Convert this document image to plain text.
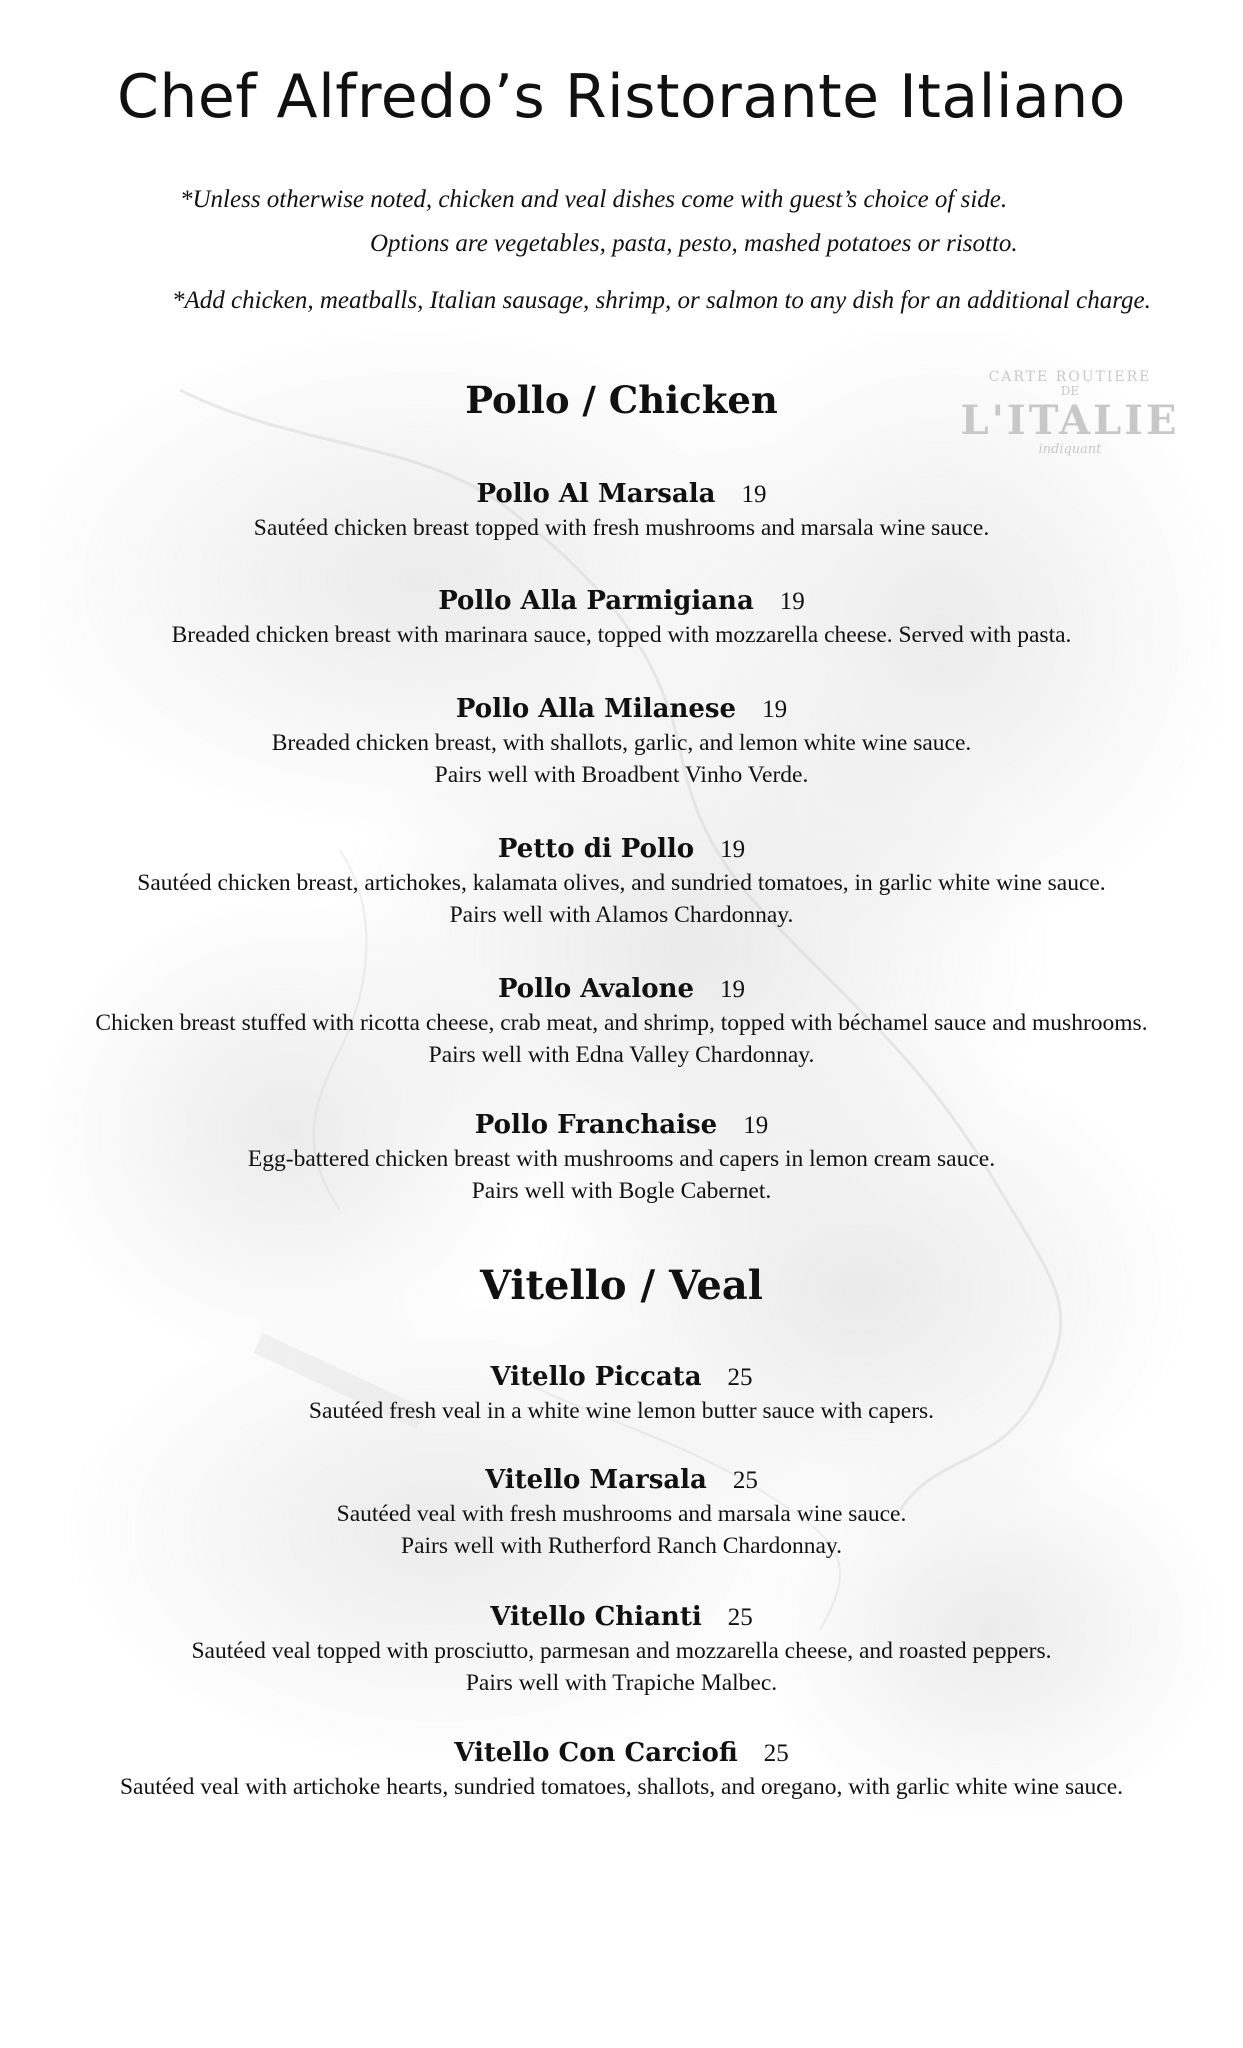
CARTE ROUTIERE
DE
L'ITALIE
indiquant
Chef Alfredo’s Ristorante Italiano
*Unless otherwise noted, chicken and veal dishes come with guest’s choice of side.
Options are vegetables, pasta, pesto, mashed potatoes or risotto.
*Add chicken, meatballs, Italian sausage, shrimp, or salmon to any dish for an additional charge.
Pollo / Chicken
Pollo Al Marsala 19
Sautéed chicken breast topped with fresh mushrooms and marsala wine sauce.
Pollo Alla Parmigiana 19
Breaded chicken breast with marinara sauce, topped with mozzarella cheese. Served with pasta.
Pollo Alla Milanese 19
Breaded chicken breast, with shallots, garlic, and lemon white wine sauce.
Pairs well with Broadbent Vinho Verde.
Petto di Pollo 19
Sautéed chicken breast, artichokes, kalamata olives, and sundried tomatoes, in garlic white wine sauce.
Pairs well with Alamos Chardonnay.
Pollo Avalone 19
Chicken breast stuffed with ricotta cheese, crab meat, and shrimp, topped with béchamel sauce and mushrooms.
Pairs well with Edna Valley Chardonnay.
Pollo Franchaise 19
Egg-battered chicken breast with mushrooms and capers in lemon cream sauce.
Pairs well with Bogle Cabernet.
Vitello / Veal
Vitello Piccata 25
Sautéed fresh veal in a white wine lemon butter sauce with capers.
Vitello Marsala 25
Sautéed veal with fresh mushrooms and marsala wine sauce.
Pairs well with Rutherford Ranch Chardonnay.
Vitello Chianti 25
Sautéed veal topped with prosciutto, parmesan and mozzarella cheese, and roasted peppers.
Pairs well with Trapiche Malbec.
Vitello Con Carciofi 25
Sautéed veal with artichoke hearts, sundried tomatoes, shallots, and oregano, with garlic white wine sauce.
